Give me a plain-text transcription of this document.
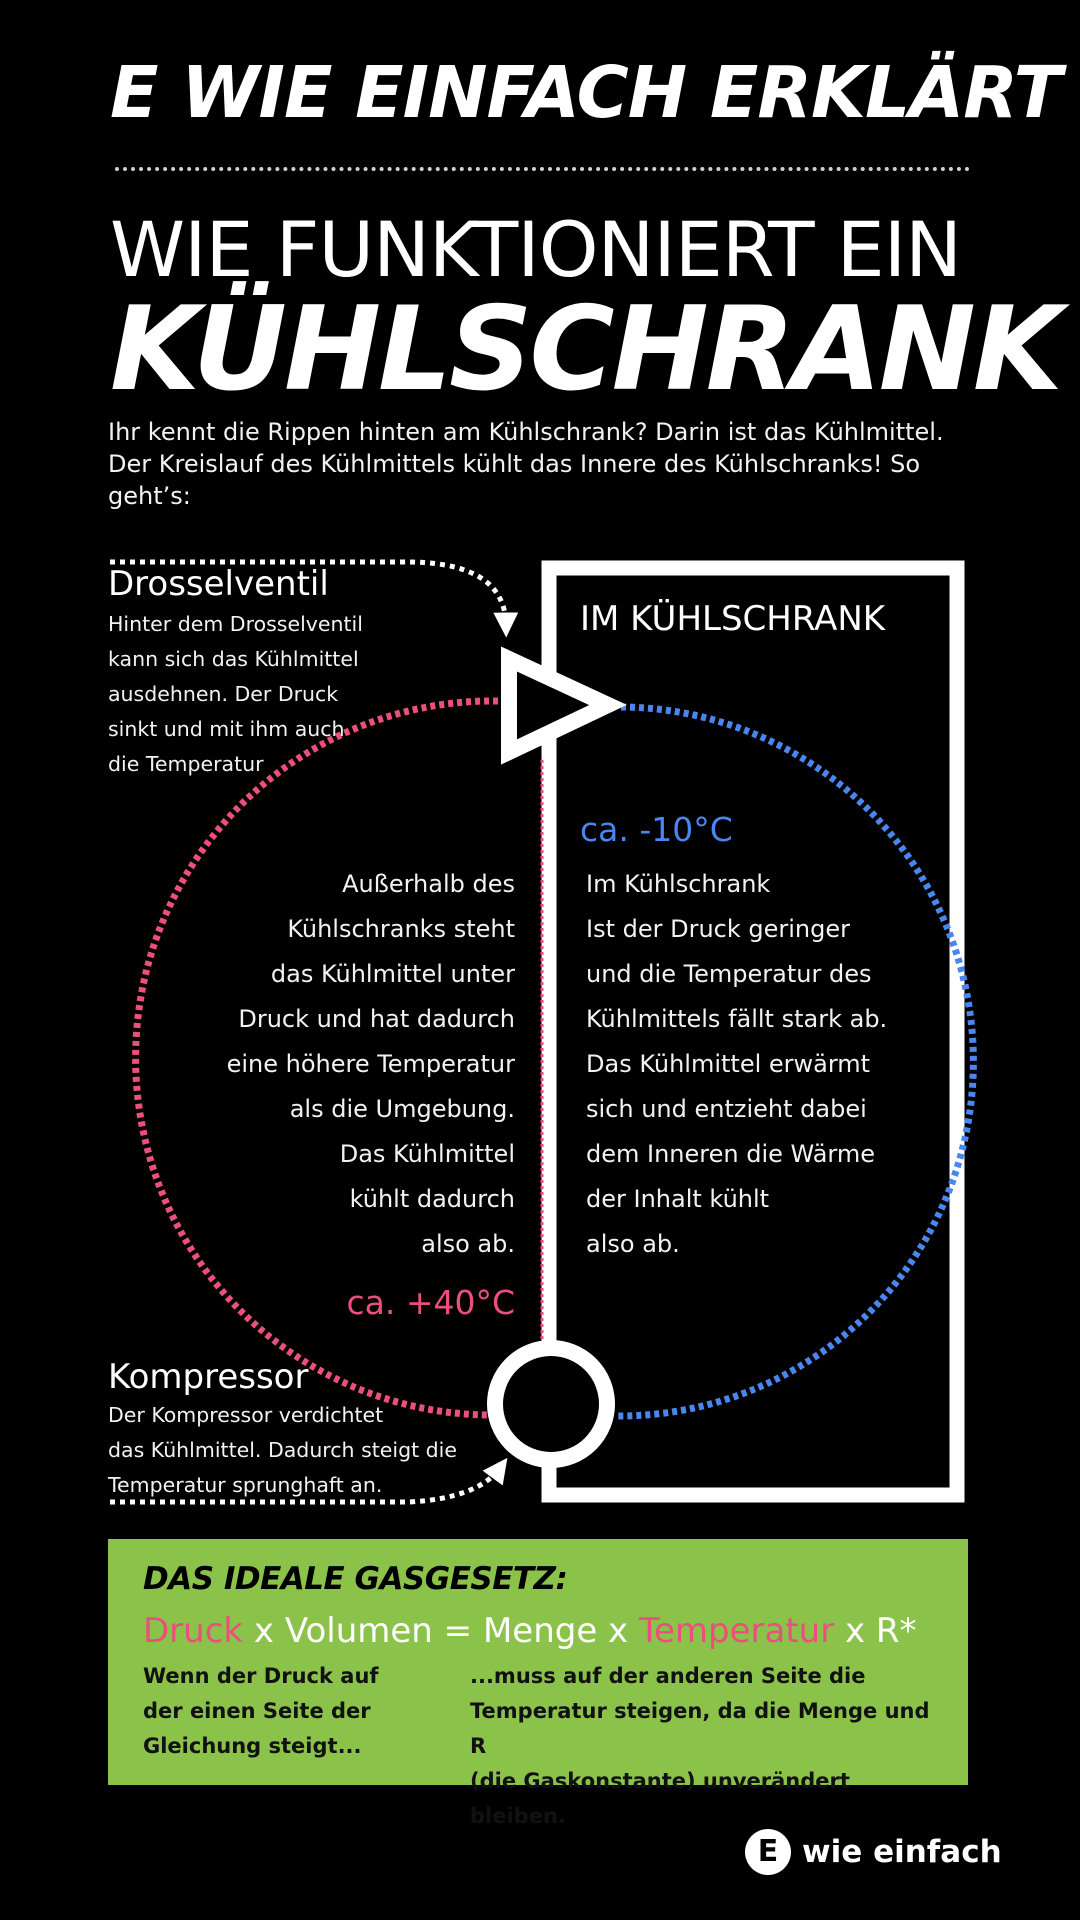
E WIE EINFACH ERKLÄRT
WIE FUNKTIONIERT EIN
KÜHLSCHRANK
Ihr kennt die Rippen hinten am Kühlschrank? Darin ist das Kühlmittel. Der Kreislauf des Kühlmittels kühlt das Innere des Kühlschranks! So geht’s:
Drosselventil
Hinter dem Drosselventil
kann sich das Kühlmittel
ausdehnen. Der Druck
sinkt und mit ihm auch
die Temperatur
IM KÜHLSCHRANK
ca. -10°C
Im Kühlschrank
Ist der Druck geringer
und die Temperatur des
Kühlmittels fällt stark ab.
Das Kühlmittel erwärmt
sich und entzieht dabei
dem Inneren die Wärme
der Inhalt kühlt
also ab.
Außerhalb des
Kühlschranks steht
das Kühlmittel unter
Druck und hat dadurch
eine höhere Temperatur
als die Umgebung.
Das Kühlmittel
kühlt dadurch
also ab.
ca. +40°C
Kompressor
Der Kompressor verdichtet
das Kühlmittel. Dadurch steigt die
Temperatur sprunghaft an.
DAS IDEALE GASGESETZ:
Druck x Volumen = Menge x Temperatur x R*
Wenn der Druck auf
der einen Seite der
Gleichung steigt...
...muss auf der anderen Seite die
Temperatur steigen, da die Menge und R
(die Gaskonstante) unverändert bleiben.
E wie einfach
